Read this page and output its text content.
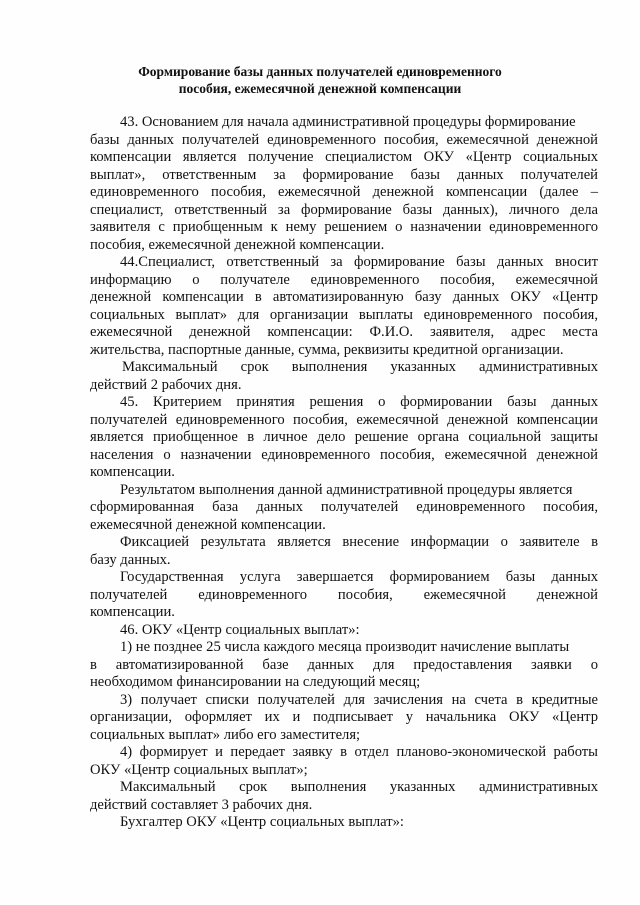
Формирование базы данных получателей единовременного
пособия, ежемесячной денежной компенсации
43. Основанием для начала административной процедуры формирование
базы данных получателей единовременного пособия, ежемесячной денежной
компенсации является получение специалистом ОКУ «Центр социальных
выплат», ответственным за формирование базы данных получателей
единовременного пособия, ежемесячной денежной компенсации (далее –
специалист, ответственный за формирование базы данных), личного дела
заявителя с приобщенным к нему решением о назначении единовременного
пособия, ежемесячной денежной компенсации.
44.Специалист, ответственный за формирование базы данных вносит
информацию о получателе единовременного пособия, ежемесячной
денежной компенсации в автоматизированную базу данных ОКУ «Центр
социальных выплат» для организации выплаты единовременного пособия,
ежемесячной денежной компенсации: Ф.И.О. заявителя, адрес места
жительства, паспортные данные, сумма, реквизиты кредитной организации.
Максимальный срок выполнения указанных административных
действий 2 рабочих дня.
45. Критерием принятия решения о формировании базы данных
получателей единовременного пособия, ежемесячной денежной компенсации
является приобщенное в личное дело решение органа социальной защиты
населения о назначении единовременного пособия, ежемесячной денежной
компенсации.
Результатом выполнения данной административной процедуры является
сформированная база данных получателей единовременного пособия,
ежемесячной денежной компенсации.
Фиксацией результата является внесение информации о заявителе в
базу данных.
Государственная услуга завершается формированием базы данных
получателей единовременного пособия, ежемесячной денежной
компенсации.
46. ОКУ «Центр социальных выплат»:
1) не позднее 25 числа каждого месяца производит начисление выплаты
в автоматизированной базе данных для предоставления заявки о
необходимом финансировании на следующий месяц;
3) получает списки получателей для зачисления на счета в кредитные
организации, оформляет их и подписывает у начальника ОКУ «Центр
социальных выплат» либо его заместителя;
4) формирует и передает заявку в отдел планово-экономической работы
ОКУ «Центр социальных выплат»;
Максимальный срок выполнения указанных административных
действий составляет 3 рабочих дня.
Бухгалтер ОКУ «Центр социальных выплат»:
